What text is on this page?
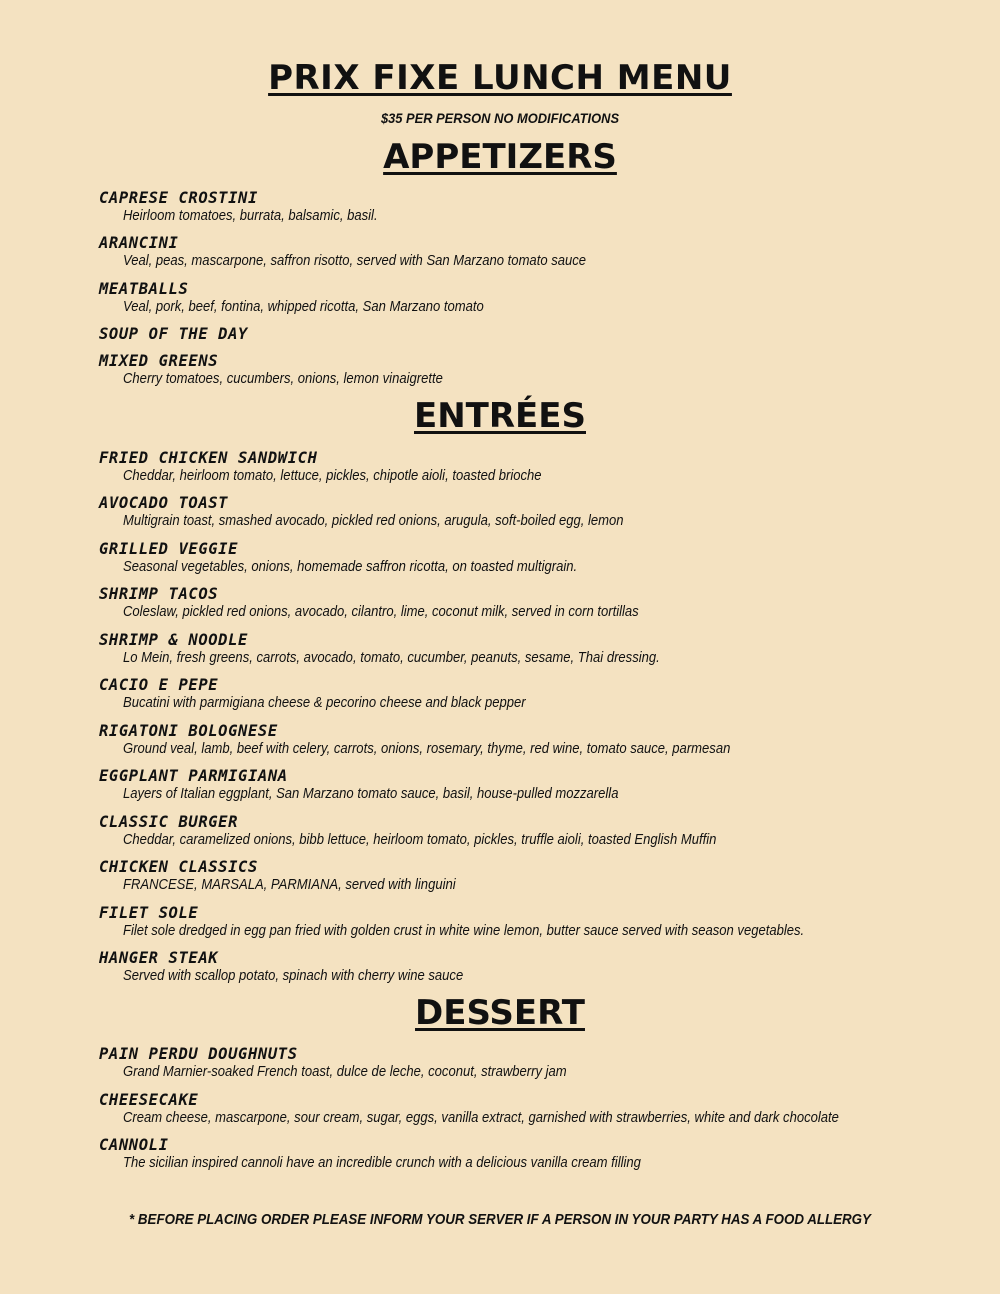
PRIX FIXE LUNCH MENU
$35 PER PERSON NO MODIFICATIONS
APPETIZERS
CAPRESE CROSTINI
Heirloom tomatoes, burrata, balsamic, basil.
ARANCINI
Veal, peas, mascarpone, saffron risotto, served with San Marzano tomato sauce
MEATBALLS
Veal, pork, beef, fontina, whipped ricotta, San Marzano tomato
SOUP OF THE DAY
MIXED GREENS
Cherry tomatoes, cucumbers, onions, lemon vinaigrette
ENTRÉES
FRIED CHICKEN SANDWICH
Cheddar, heirloom tomato, lettuce, pickles, chipotle aioli, toasted brioche
AVOCADO TOAST
Multigrain toast, smashed avocado, pickled red onions, arugula, soft-boiled egg, lemon
GRILLED VEGGIE
Seasonal vegetables, onions, homemade saffron ricotta, on toasted multigrain.
SHRIMP TACOS
Coleslaw, pickled red onions, avocado, cilantro, lime, coconut milk, served in corn tortillas
SHRIMP & NOODLE
Lo Mein, fresh greens, carrots, avocado, tomato, cucumber, peanuts, sesame, Thai dressing.
CACIO E PEPE
Bucatini with parmigiana cheese & pecorino cheese and black pepper
RIGATONI BOLOGNESE
Ground veal, lamb, beef with celery, carrots, onions, rosemary, thyme, red wine, tomato sauce, parmesan
EGGPLANT PARMIGIANA
Layers of Italian eggplant, San Marzano tomato sauce, basil, house-pulled mozzarella
CLASSIC BURGER
Cheddar, caramelized onions, bibb lettuce, heirloom tomato, pickles, truffle aioli, toasted English Muffin
CHICKEN CLASSICS
FRANCESE, MARSALA, PARMIANA, served with linguini
FILET SOLE
Filet sole dredged in egg pan fried with golden crust in white wine lemon, butter sauce served with season vegetables.
HANGER STEAK
Served with scallop potato, spinach with cherry wine sauce
DESSERT
PAIN PERDU DOUGHNUTS
Grand Marnier-soaked French toast, dulce de leche, coconut, strawberry jam
CHEESECAKE
Cream cheese, mascarpone, sour cream, sugar, eggs, vanilla extract, garnished with strawberries, white and dark chocolate
CANNOLI
The sicilian inspired cannoli have an incredible crunch with a delicious vanilla cream filling
* BEFORE PLACING ORDER PLEASE INFORM YOUR SERVER IF A PERSON IN YOUR PARTY HAS A FOOD ALLERGY
